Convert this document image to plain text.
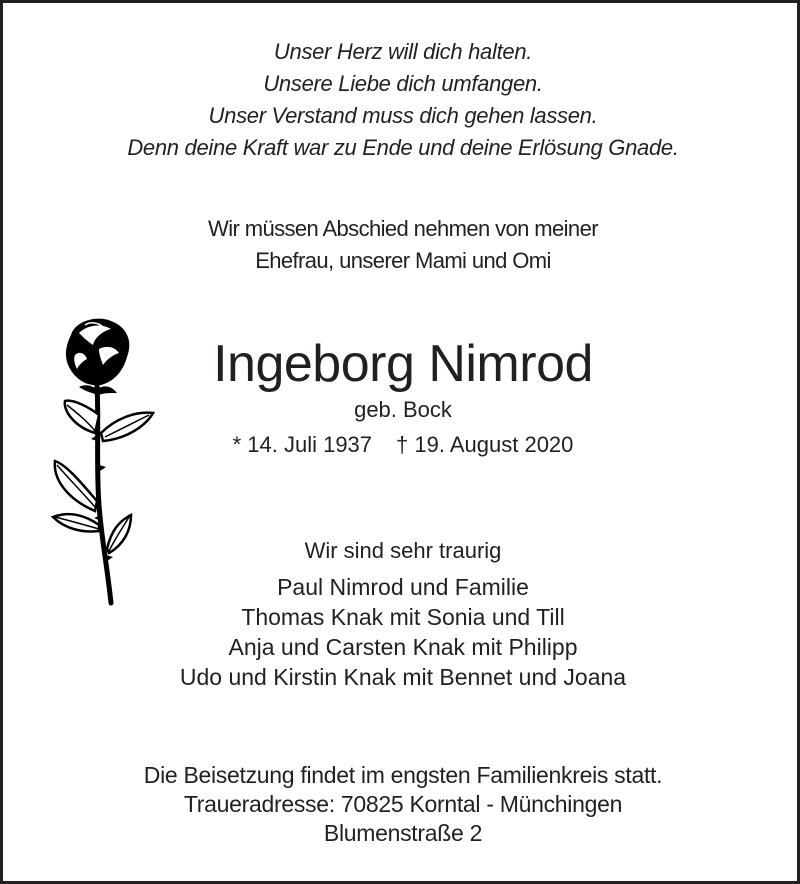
Unser Herz will dich halten.
Unsere Liebe dich umfangen.
Unser Verstand muss dich gehen lassen.
Denn deine Kraft war zu Ende und deine Erlösung Gnade.
Wir müssen Abschied nehmen von meiner
Ehefrau, unserer Mami und Omi
Ingeborg Nimrod
geb. Bock
* 14. Juli 1937 † 19. August 2020
Wir sind sehr traurig
Paul Nimrod und Familie
Thomas Knak mit Sonia und Till
Anja und Carsten Knak mit Philipp
Udo und Kirstin Knak mit Bennet und Joana
Die Beisetzung findet im engsten Familienkreis statt.
Traueradresse: 70825 Korntal - Münchingen
Blumenstraße 2
